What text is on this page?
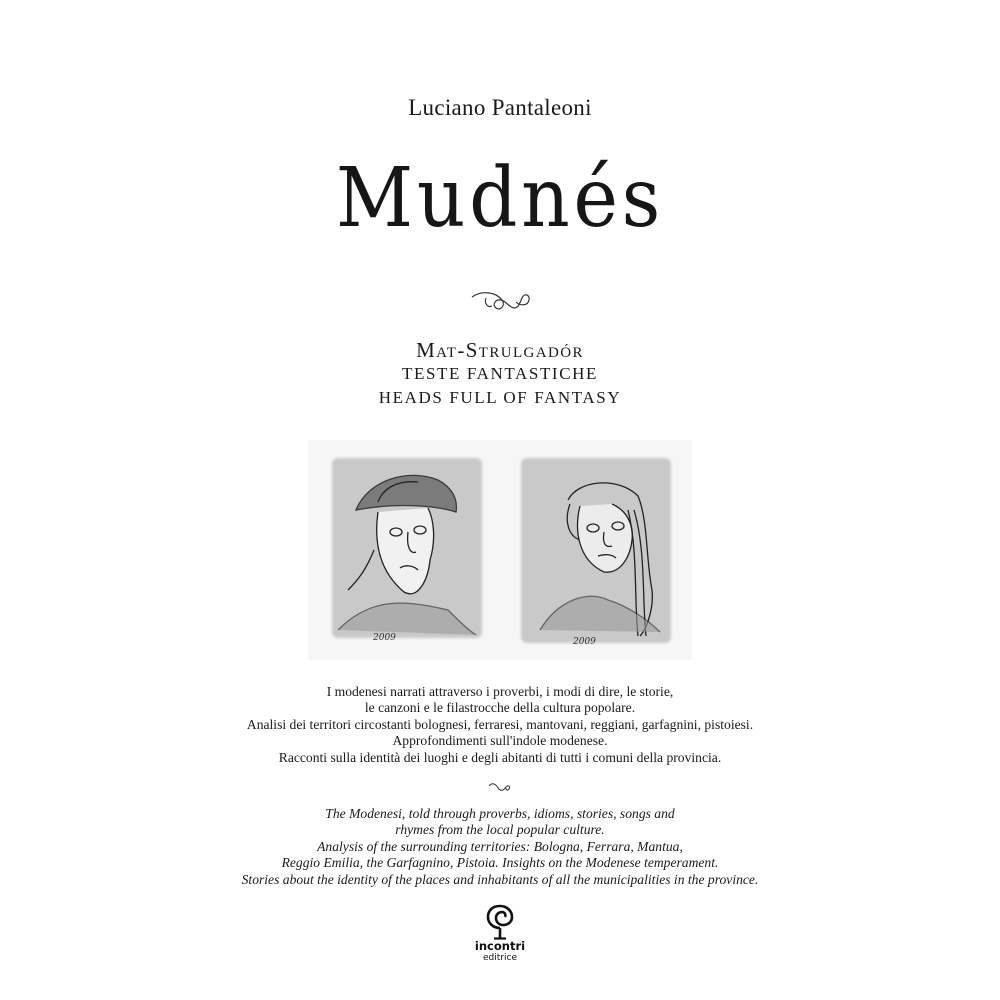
Luciano Pantaleoni
Mudnés
Mat-Strulgadór
TESTE FANTASTICHE
HEADS FULL OF FANTASY
2009	2009
I modenesi narrati attraverso i proverbi, i modi di dire, le storie,
le canzoni e le filastrocche della cultura popolare.
Analisi dei territori circostanti bolognesi, ferraresi, mantovani, reggiani, garfagnini, pistoiesi.
Approfondimenti sull'indole modenese.
Racconti sulla identità dei luoghi e degli abitanti di tutti i comuni della provincia.
The Modenesi, told through proverbs, idioms, stories, songs and
rhymes from the local popular culture.
Analysis of the surrounding territories: Bologna, Ferrara, Mantua,
Reggio Emilia, the Garfagnino, Pistoia. Insights on the Modenese temperament.
Stories about the identity of the places and inhabitants of all the municipalities in the province.
incontri
editrice
